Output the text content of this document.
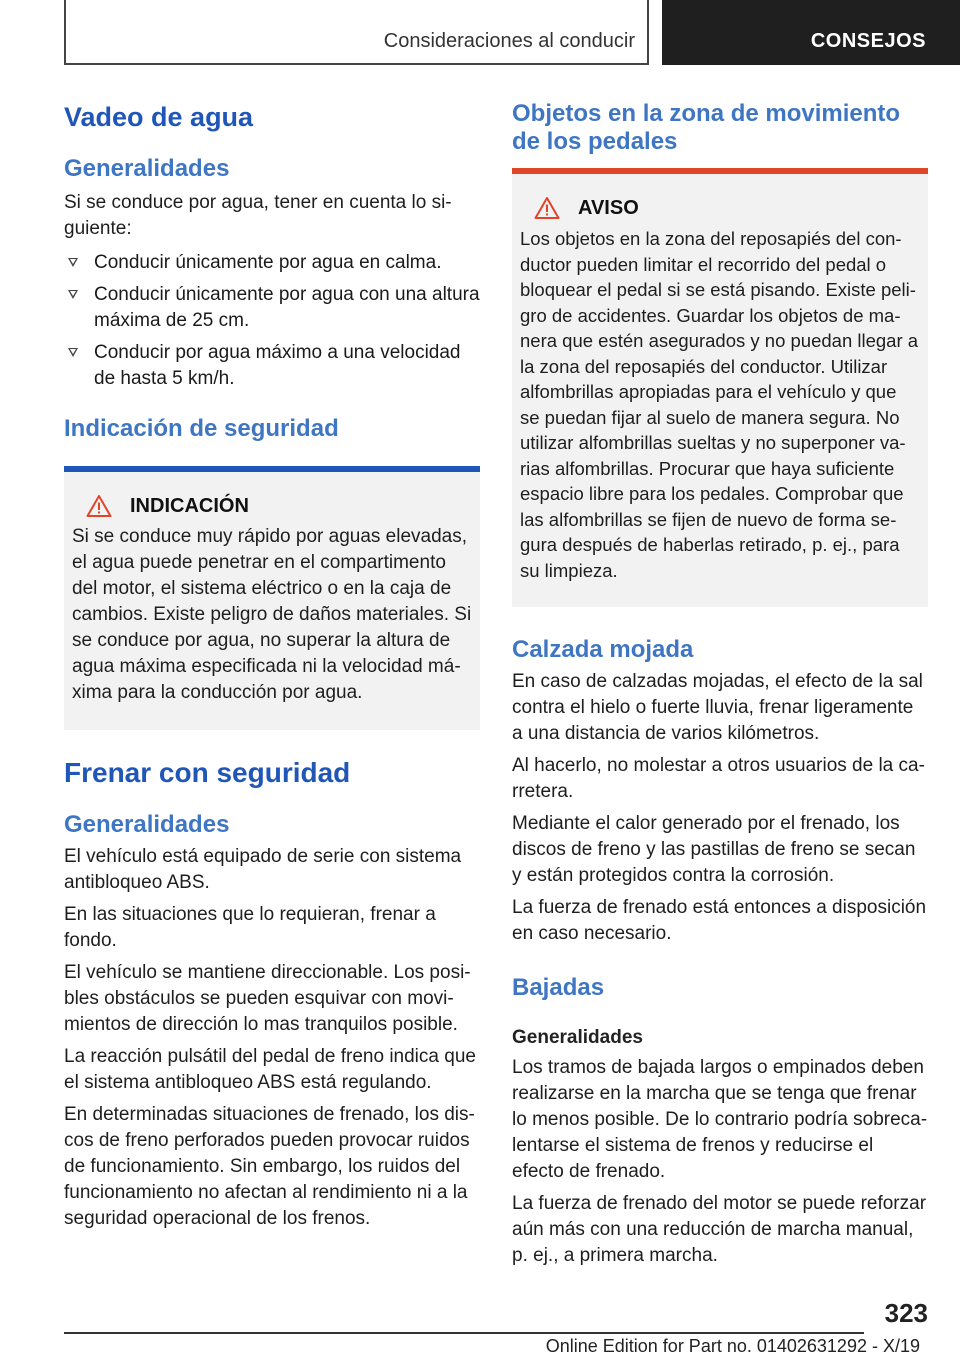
Consideraciones al conducir	CONSEJOS
Vadeo de agua
Generalidades
Si se conduce por agua, tener en cuenta lo si- guiente:
Conducir únicamente por agua en calma.
Conducir únicamente por agua con una altura máxima de 25 cm.
Conducir por agua máximo a una velocidad de hasta 5 km/h.
Indicación de seguridad
INDICACIÓN
Si se conduce muy rápido por aguas elevadas, el agua puede penetrar en el compartimento del motor, el sistema eléctrico o en la caja de cambios. Existe peligro de daños materiales. Si se conduce por agua, no superar la altura de agua máxima especificada ni la velocidad má-
xima para la conducción por agua.
Frenar con seguridad
Generalidades
El vehículo está equipado de serie con sistema antibloqueo ABS.
En las situaciones que lo requieran, frenar a fondo.
El vehículo se mantiene direccionable. Los posi-
bles obstáculos se pueden esquivar con movi-
mientos de dirección lo mas tranquilos posible.
La reacción pulsátil del pedal de freno indica que el sistema antibloqueo ABS está regulando.
En determinadas situaciones de frenado, los dis-
cos de freno perforados pueden provocar ruidos de funcionamiento. Sin embargo, los ruidos del funcionamiento no afectan al rendimiento ni a la seguridad operacional de los frenos.
Objetos en la zona de movimiento de los pedales
AVISO
Los objetos en la zona del reposapiés del con-
ductor pueden limitar el recorrido del pedal o bloquear el pedal si se está pisando. Existe peli-
gro de accidentes. Guardar los objetos de ma-
nera que estén asegurados y no puedan llegar a la zona del reposapiés del conductor. Utilizar alfombrillas apropiadas para el vehículo y que se puedan fijar al suelo de manera segura. No utilizar alfombrillas sueltas y no superponer va-
rias alfombrillas. Procurar que haya suficiente espacio libre para los pedales. Comprobar que las alfombrillas se fijen de nuevo de forma se-
gura después de haberlas retirado, p. ej., para su limpieza.
Calzada mojada
En caso de calzadas mojadas, el efecto de la sal contra el hielo o fuerte lluvia, frenar ligeramente a una distancia de varios kilómetros.
Al hacerlo, no molestar a otros usuarios de la ca-
rretera.
Mediante el calor generado por el frenado, los discos de freno y las pastillas de freno se secan y están protegidos contra la corrosión.
La fuerza de frenado está entonces a disposición en caso necesario.
Bajadas
Generalidades
Los tramos de bajada largos o empinados deben realizarse en la marcha que se tenga que frenar lo menos posible. De lo contrario podría sobreca-
lentarse el sistema de frenos y reducirse el efecto de frenado.
La fuerza de frenado del motor se puede reforzar aún más con una reducción de marcha manual, p. ej., a primera marcha.
323
Online Edition for Part no. 01402631292 - X/19
